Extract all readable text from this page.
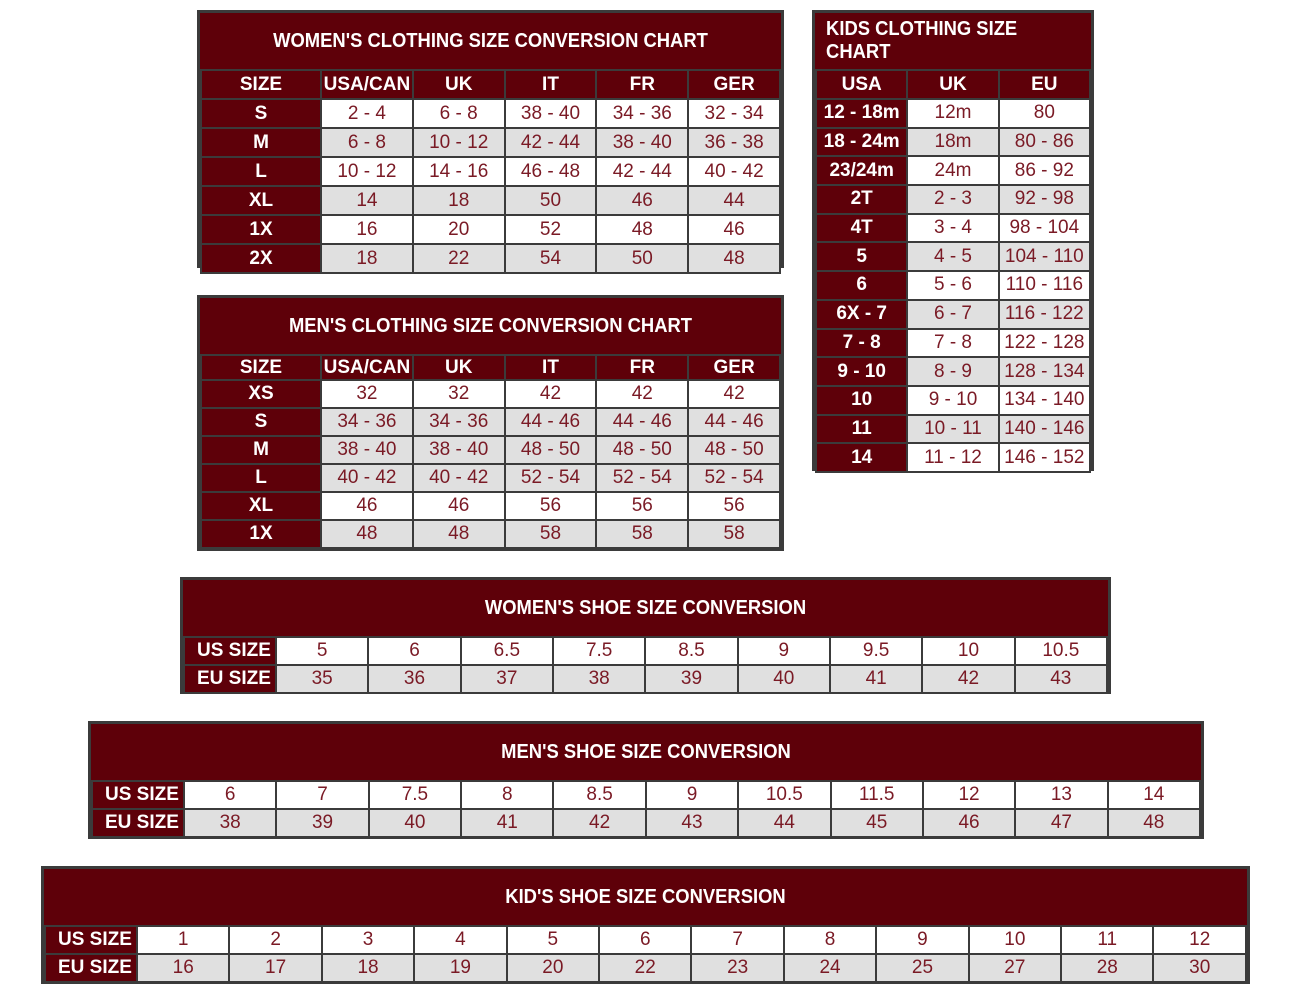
WOMEN'S CLOTHING SIZE CONVERSION CHART
SIZE	USA/CAN	UK	IT	FR	GER
S	2 - 4	6 - 8	38 - 40	34 - 36	32 - 34
M	6 - 8	10 - 12	42 - 44	38 - 40	36 - 38
L	10 - 12	14 - 16	46 - 48	42 - 44	40 - 42
XL	14	18	50	46	44
1X	16	20	52	48	46
2X	18	22	54	50	48
MEN'S CLOTHING SIZE CONVERSION CHART
SIZE	USA/CAN	UK	IT	FR	GER
XS	32	32	42	42	42
S	34 - 36	34 - 36	44 - 46	44 - 46	44 - 46
M	38 - 40	38 - 40	48 - 50	48 - 50	48 - 50
L	40 - 42	40 - 42	52 - 54	52 - 54	52 - 54
XL	46	46	56	56	56
1X	48	48	58	58	58
KIDS CLOTHING SIZE CHART
USA	UK	EU
12 - 18m	12m	80
18 - 24m	18m	80 - 86
23/24m	24m	86 - 92
2T	2 - 3	92 - 98
4T	3 - 4	98 - 104
5	4 - 5	104 - 110
6	5 - 6	110 - 116
6X - 7	6 - 7	116 - 122
7 - 8	7 - 8	122 - 128
9 - 10	8 - 9	128 - 134
10	9 - 10	134 - 140
11	10 - 11	140 - 146
14	11 - 12	146 - 152
WOMEN'S SHOE SIZE CONVERSION
US SIZE	5	6	6.5	7.5	8.5	9	9.5	10	10.5
EU SIZE	35	36	37	38	39	40	41	42	43
MEN'S SHOE SIZE CONVERSION
US SIZE	6	7	7.5	8	8.5	9	10.5	11.5	12	13	14
EU SIZE	38	39	40	41	42	43	44	45	46	47	48
KID'S SHOE SIZE CONVERSION
US SIZE	1	2	3	4	5	6	7	8	9	10	11	12
EU SIZE	16	17	18	19	20	22	23	24	25	27	28	30
